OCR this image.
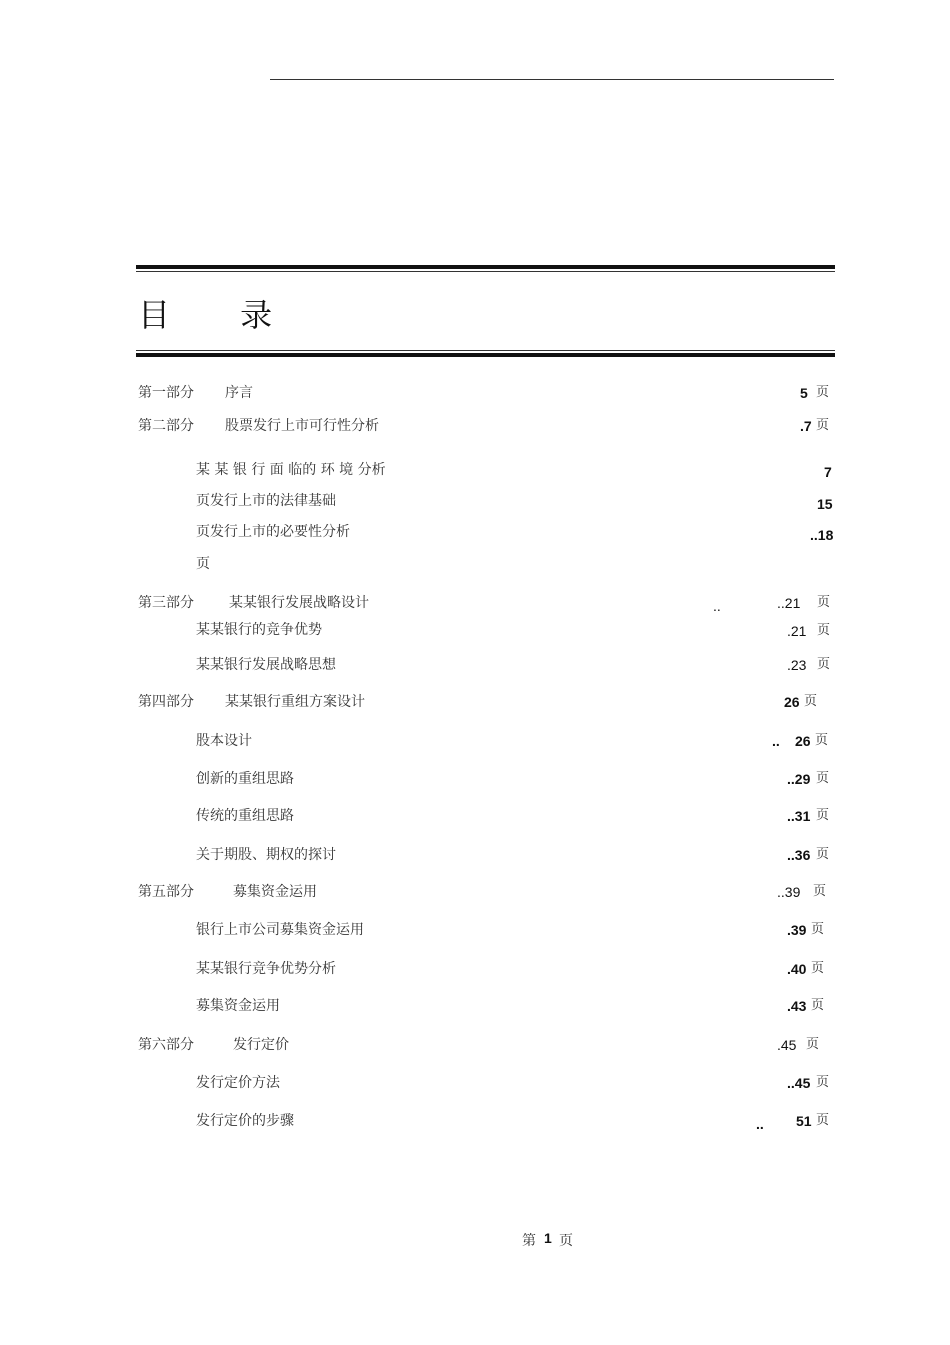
目 录
第一部分 序言	5 页
第二部分 股票发行上市可行性分析	.7 页
某 某 银 行 面 临的 环 境 分析	7
页发行上市的法律基础	15
页发行上市的必要性分析	..18
页
第三部分	某某银行发展战略设计	..	..21 页
某某银行的竞争优势	.21 页
某某银行发展战略思想	.23 页
第四部分 某某银行重组方案设计	26 页
股本设计	.. 26 页
创新的重组思路	..29 页
传统的重组思路	..31 页
关于期股、期权的探讨	..36 页
第五部分	募集资金运用	..39 页
银行上市公司募集资金运用	.39 页
某某银行竞争优势分析	.40 页
募集资金运用	.43 页
第六部分	发行定价	.45 页
发行定价方法	..45 页
发行定价的步骤	.. 51 页
第 1 页
